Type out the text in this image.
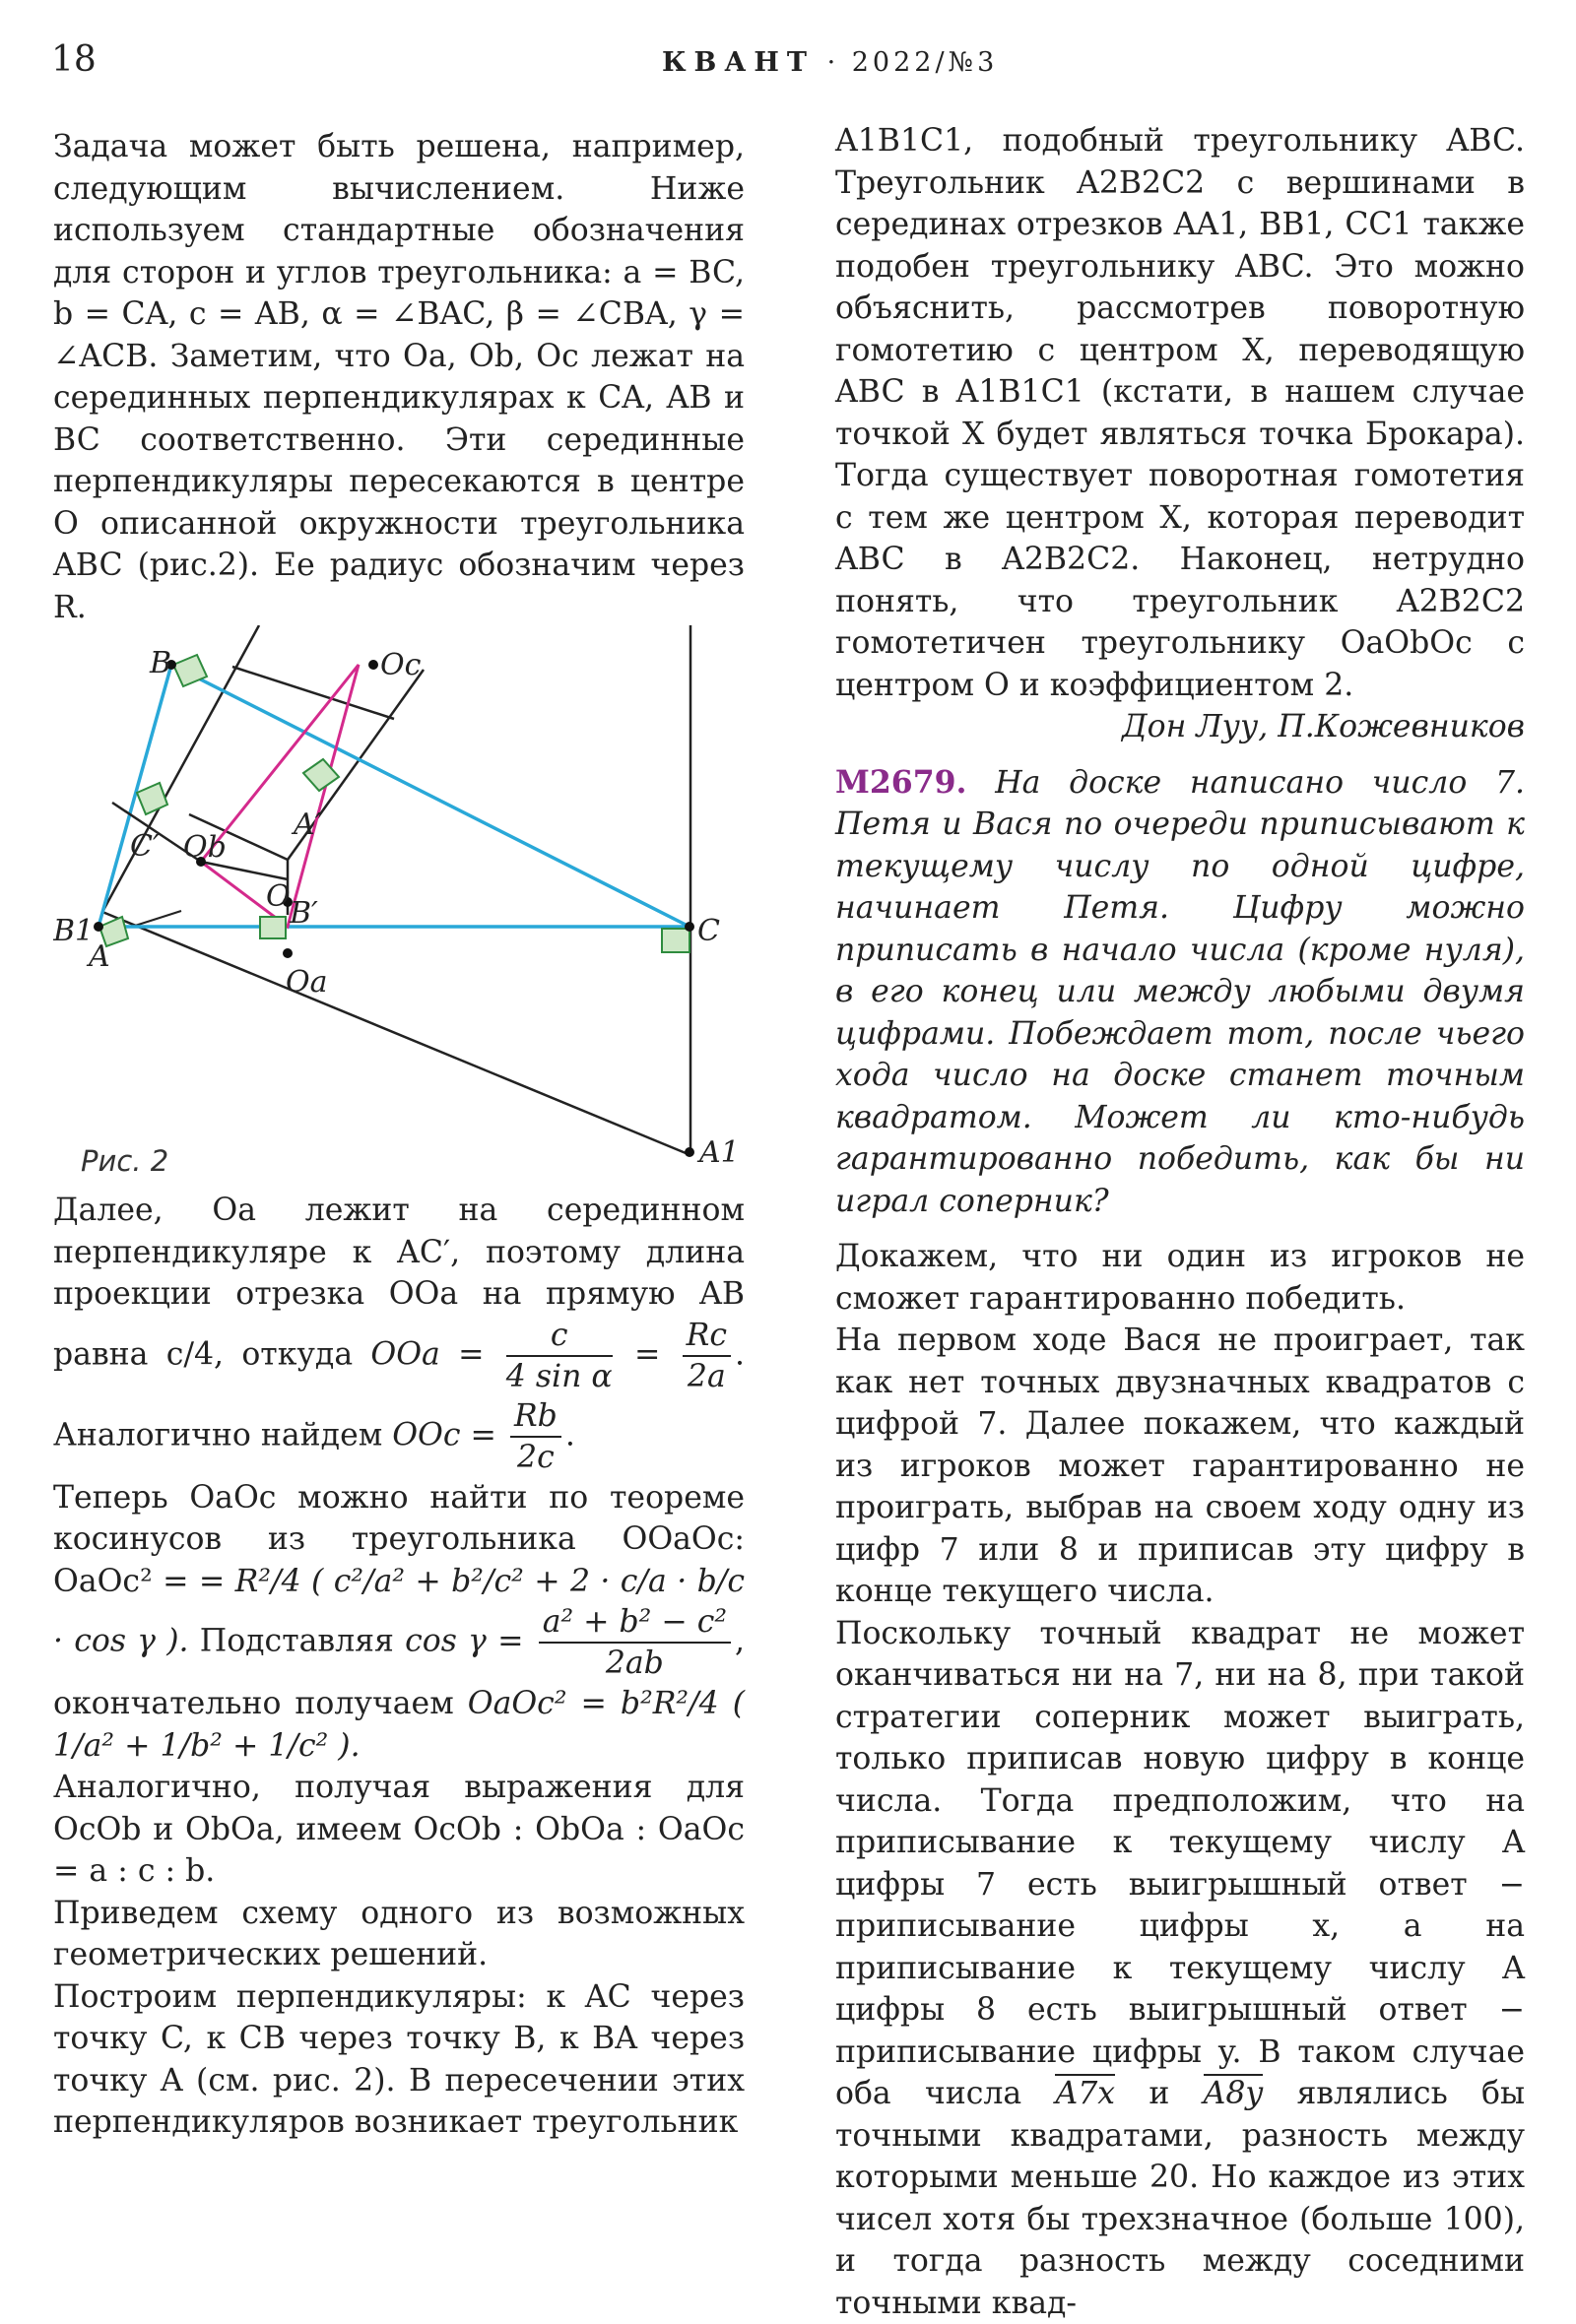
18	КВАНТ · 2022/№3

Задача может быть решена, например, следующим вычислением. Ниже используем стандартные обозначения для сторон и углов треугольника: a = BC, b = CA, c = AB, α = ∠BAC, β = ∠CBA, γ = ∠ACB. Заметим, что Oa, Ob, Oc лежат на серединных перпендикулярах к CA, AB и BC соответственно. Эти серединные перпендикуляры пересекаются в центре O описанной окружности треугольника ABC (рис.2). Ее радиус обозначим через R.

B	Oc
Ob
A′
C′
O B′
B1
A
Oa
C
A1
Рис. 2

Далее, Oa лежит на серединном перпендикуляре к AC′, поэтому длина проекции отрезка OOa на прямую AB равна c/4, откуда OOa = $\frac{c}{\text{4 sin α}} = \frac{Rc}{2a}$ . Аналогично найдем OOc = $\frac{Rb}{2c}$ .

Теперь OaOc можно найти по теореме косинусов из треугольника OOaOc: OaOc² = = R²/4 ( c²/a² + b²/c² + 2 · c/a · b/c · cos γ ). Подставляя $\cos \gamma = \frac{\text{a² + b² − c²}}{2ab}$ , окончательно получаем OaOc² = b²R²/4 ( 1/a² + 1/b² + 1/c² ).

Аналогично, получая выражения для OcOb и ObOa, имеем OcOb : ObOa : OaOc = a : c : b.

Приведем схему одного из возможных геометрических решений.

Построим перпендикуляры: к AC через точку C, к CB через точку B, к BA через точку A (см. рис. 2). В пересечении этих перпендикуляров возникает треугольник

A1B1C1, подобный треугольнику ABC. Треугольник A2B2C2 с вершинами в серединах отрезков AA1, BB1, CC1 также подобен треугольнику ABC. Это можно объяснить, рассмотрев поворотную гомотетию с центром X, переводящую ABC в A1B1C1 (кстати, в нашем случае точкой X будет являться точка Брокара). Тогда существует поворотная гомотетия с тем же центром X, которая переводит ABC в A2B2C2. Наконец, нетрудно понять, что треугольник A2B2C2 гомотетичен треугольнику OaObOc с центром O и коэффициентом 2.

Дон Луу, П.Кожевников

М2679. На доске написано число 7. Петя и Вася по очереди приписывают к текущему числу по одной цифре, начинает Петя. Цифру можно приписать в начало числа (кроме нуля), в его конец или между любыми двумя цифрами. Побеждает тот, после чьего хода число на доске станет точным квадратом. Может ли кто-нибудь гарантированно победить, как бы ни играл соперник?

Докажем, что ни один из игроков не сможет гарантированно победить.

На первом ходе Вася не проиграет, так как нет точных двузначных квадратов с цифрой 7. Далее покажем, что каждый из игроков может гарантированно не проиграть, выбрав на своем ходу одну из цифр 7 или 8 и приписав эту цифру в конце текущего числа.

Поскольку точный квадрат не может оканчиваться ни на 7, ни на 8, при такой стратегии соперник может выиграть, только приписав новую цифру в конце числа. Тогда предположим, что на приписывание к текущему числу A цифры 7 есть выигрышный ответ − приписывание цифры x, а на приписывание к текущему числу A цифры 8 есть выигрышный ответ − приписывание цифры y. В таком случае оба числа A7x и A8y являлись бы точными квадратами, разность между которыми меньше 20. Но каждое из этих чисел хотя бы трехзначное (больше 100), и тогда разность между соседними точными квад-
